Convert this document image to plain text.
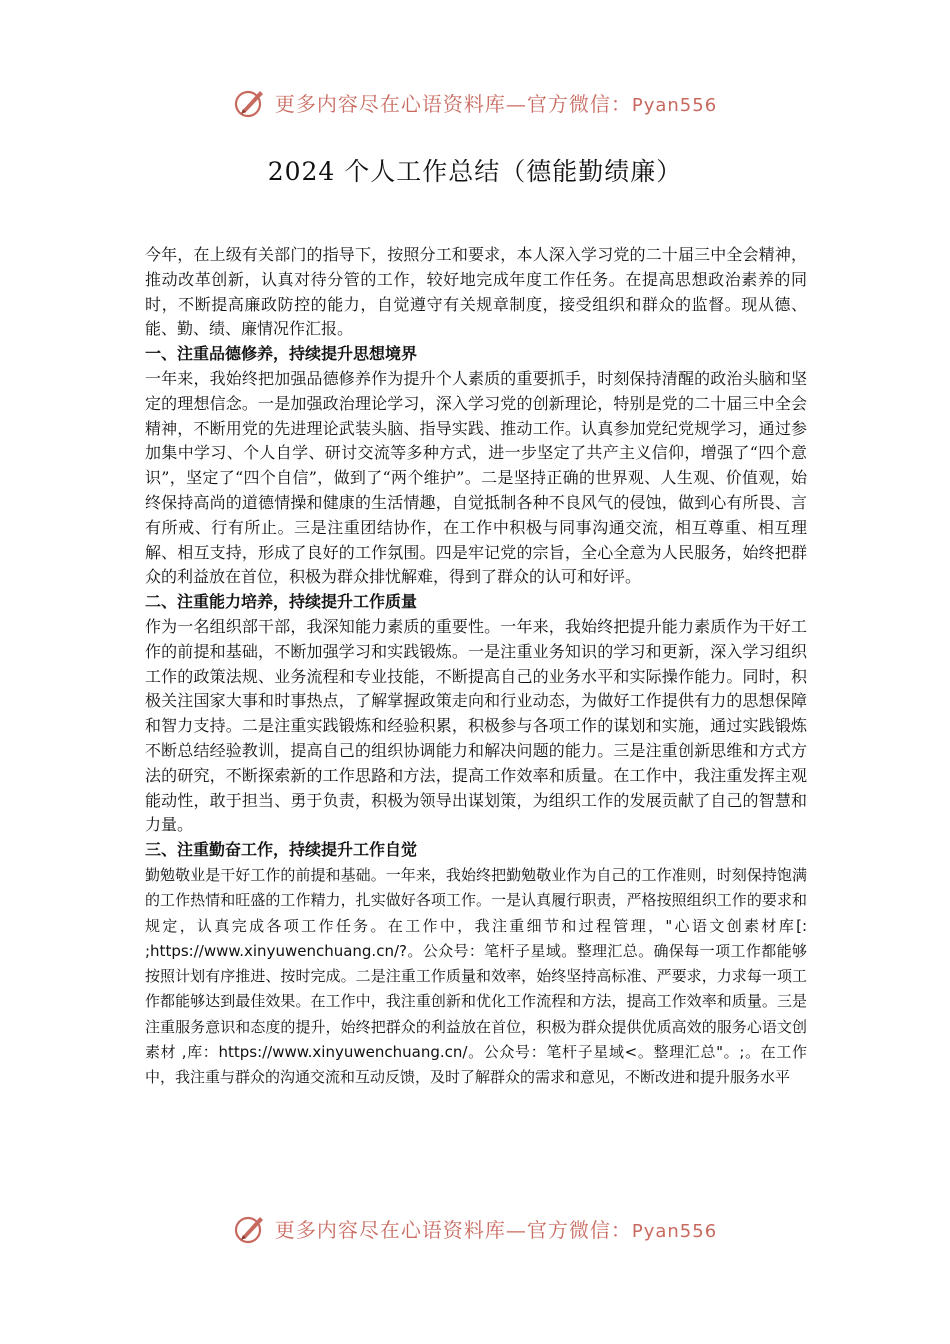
更多内容尽在心语资料库—官方微信：Pyan556
2024 个人工作总结（德能勤绩廉）

今年，在上级有关部门的指导下，按照分工和要求，本人深入学习党的二十届三中全会精神，推动改革创新，认真对待分管的工作，较好地完成年度工作任务。在提高思想政治素养的同时，不断提高廉政防控的能力，自觉遵守有关规章制度，接受组织和群众的监督。现从德、能、勤、绩、廉情况作汇报。

一、注重品德修养，持续提升思想境界

一年来，我始终把加强品德修养作为提升个人素质的重要抓手，时刻保持清醒的政治头脑和坚定的理想信念。一是加强政治理论学习，深入学习党的创新理论，特别是党的二十届三中全会精神，不断用党的先进理论武装头脑、指导实践、推动工作。认真参加党纪党规学习，通过参加集中学习、个人自学、研讨交流等多种方式，进一步坚定了共产主义信仰，增强了“四个意识”，坚定了“四个自信”，做到了“两个维护”。二是坚持正确的世界观、人生观、价值观，始终保持高尚的道德情操和健康的生活情趣，自觉抵制各种不良风气的侵蚀，做到心有所畏、言有所戒、行有所止。三是注重团结协作，在工作中积极与同事沟通交流，相互尊重、相互理解、相互支持，形成了良好的工作氛围。四是牢记党的宗旨，全心全意为人民服务，始终把群众的利益放在首位，积极为群众排忧解难，得到了群众的认可和好评。

二、注重能力培养，持续提升工作质量

作为一名组织部干部，我深知能力素质的重要性。一年来，我始终把提升能力素质作为干好工作的前提和基础，不断加强学习和实践锻炼。一是注重业务知识的学习和更新，深入学习组织工作的政策法规、业务流程和专业技能，不断提高自己的业务水平和实际操作能力。同时，积极关注国家大事和时事热点，了解掌握政策走向和行业动态，为做好工作提供有力的思想保障和智力支持。二是注重实践锻炼和经验积累，积极参与各项工作的谋划和实施，通过实践锻炼不断总结经验教训，提高自己的组织协调能力和解决问题的能力。三是注重创新思维和方式方法的研究，不断探索新的工作思路和方法，提高工作效率和质量。在工作中，我注重发挥主观能动性，敢于担当、勇于负责，积极为领导出谋划策，为组织工作的发展贡献了自己的智慧和力量。

三、注重勤奋工作，持续提升工作自觉

勤勉敬业是干好工作的前提和基础。一年来，我始终把勤勉敬业作为自己的工作准则，时刻保持饱满的工作热情和旺盛的工作精力，扎实做好各项工作。一是认真履行职责，严格按照组织工作的要求和规定，认真完成各项工作任务。在工作中，我注重细节和过程管理，"心语文创素材库[: ;https://www.xinyuwenchuang.cn/?。公众号：笔杆子星域。整理汇总。确保每一项工作都能够按照计划有序推进、按时完成。二是注重工作质量和效率，始终坚持高标准、严要求，力求每一项工作都能够达到最佳效果。在工作中，我注重创新和优化工作流程和方法，提高工作效率和质量。三是注重服务意识和态度的提升，始终把群众的利益放在首位，积极为群众提供优质高效的服务心语文创素材 ,库：https://www.xinyuwenchuang.cn/。公众号：笔杆子星域<。整理汇总"。;。在工作中，我注重与群众的沟通交流和互动反馈，及时了解群众的需求和意见，不断改进和提升服务水平

更多内容尽在心语资料库—官方微信：Pyan556
